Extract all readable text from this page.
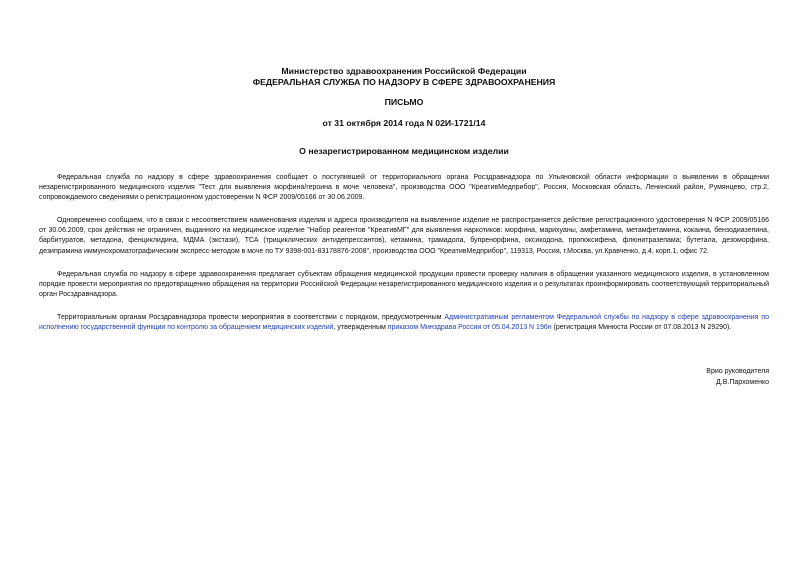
Министерство здравоохранения Российской Федерации
ФЕДЕРАЛЬНАЯ СЛУЖБА ПО НАДЗОРУ В СФЕРЕ ЗДРАВООХРАНЕНИЯ
ПИСЬМО
от 31 октября 2014 года N 02И-1721/14
О незарегистрированном медицинском изделии

Федеральная служба по надзору в сфере здравоохранения сообщает о поступившей от территориального органа Росздравнадзора по Ульяновской области информации о выявлении в обращении незарегистрированного медицинского изделия "Тест для выявления морфина/героина в моче человека", производства ООО "КреативМедприбор", Россия, Московская область, Ленинский район, Румянцево, стр.2, сопровождаемого сведениями о регистрационном удостоверении N ФСР 2009/05166 от 30.06.2009.

Одновременно сообщаем, что в связи с несоответствием наименования изделия и адреса производителя на выявленное изделие не распространяется действие регистрационного удостоверения N ФСР 2009/05166 от 30.06.2009, срок действия не ограничен, выданного на медицинское изделие "Набор реагентов "КреативМГ" для выявления наркотиков: морфина, марихуаны, амфетамина, метамфетамина, кокаина, бензодиазепина, барбитуратов, метадона, фенциклидина, МДМА (экстази), ТСА (трициклических антидепрессантов), кетамина, трамадола, бупренорфина, оксикодона, пропоксифена, флюнитразепама; бутетала, дезоморфина, дезипрамина иммунохроматографическим экспресс-методом в моче по ТУ 9398-001-83178876-2008", производства ООО "КреативМедприбор", 119313, Россия, г.Москва, ул.Кравченко, д.4, корп.1, офис 72.

Федеральная служба по надзору в сфере здравоохранения предлагает субъектам обращения медицинской продукции провести проверку наличия в обращении указанного медицинского изделия, в установленном порядке провести мероприятия по предотвращению обращения на территории Российской Федерации незарегистрированного медицинского изделия и о результатах проинформировать соответствующий территориальный орган Росздравнадзора.

Территориальным органам Росздравнадзора провести мероприятия в соответствии с порядком, предусмотренным Административным регламентом Федеральной службы по надзору в сфере здравоохранения по исполнению государственной функции по контролю за обращением медицинских изделий, утвержденным приказом Минздрава России от 05.04.2013 N 196н (регистрация Минюста России от 07.08.2013 N 29290).

Врио руководителя
Д.В.Пархоменко
